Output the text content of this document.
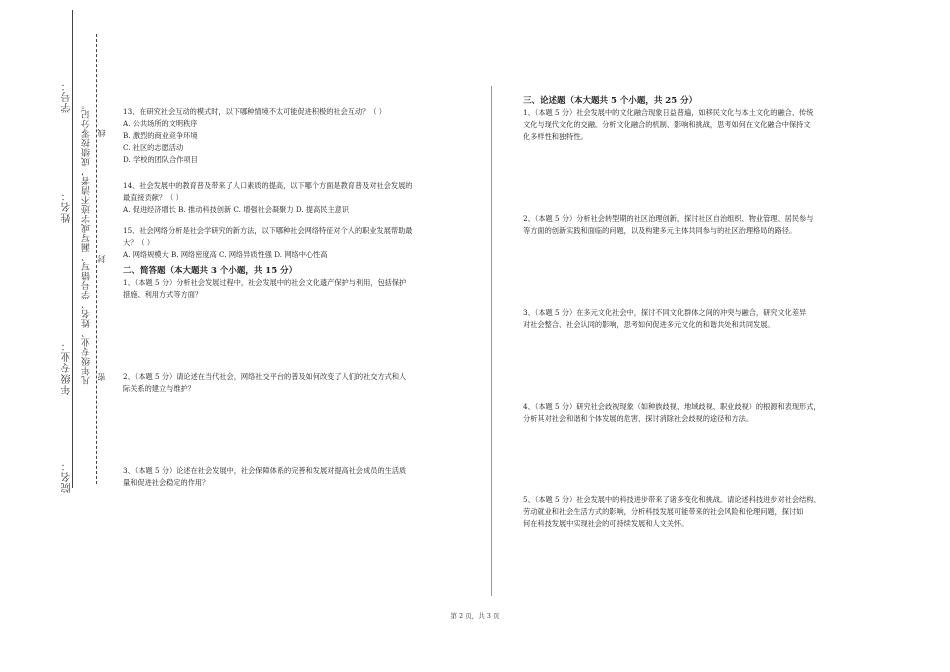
学号：
姓名：
年级专业：
院名：
凡年级专业、姓名、学号错写、漏写或字迹不清者，成绩按零分记。 密
封
线

13、在研究社会互动的模式时，以下哪种情境不太可能促进积极的社会互动？（ ）

A. 公共场所的文明秩序

B. 激烈的商业竞争环境

C. 社区的志愿活动

D. 学校的团队合作项目

14、社会发展中的教育普及带来了人口素质的提高，以下哪个方面是教育普及对社会发展的

最直接贡献？（ ）

A. 促进经济增长 B. 推动科技创新 C. 增强社会凝聚力 D. 提高民主意识

15、社会网络分析是社会学研究的新方法，以下哪种社会网络特征对个人的职业发展帮助最

大？（ ）

A. 网络规模大 B. 网络密度高 C. 网络异质性强 D. 网络中心性高

二、简答题（本大题共 3 个小题，共 15 分）

1、（本题 5 分）分析社会发展过程中，社会发展中的社会文化遗产保护与利用，包括保护

措施、利用方式等方面？

2、（本题 5 分）请论述在当代社会，网络社交平台的普及如何改变了人们的社交方式和人

际关系的建立与维护？

3、（本题 5 分）论述在社会发展中，社会保障体系的完善和发展对提高社会成员的生活质

量和促进社会稳定的作用？

三、论述题（本大题共 5 个小题，共 25 分）

1、（本题 5 分）社会发展中的文化融合现象日益普遍，如移民文化与本土文化的融合、传统

文化与现代文化的交融。分析文化融合的机制、影响和挑战，思考如何在文化融合中保持文

化多样性和独特性。

2、（本题 5 分）分析社会转型期的社区治理创新，探讨社区自治组织、物业管理、居民参与

等方面的创新实践和面临的问题，以及构建多元主体共同参与的社区治理格局的路径。

3、（本题 5 分）在多元文化社会中，探讨不同文化群体之间的冲突与融合，研究文化差异

对社会整合、社会认同的影响，思考如何促进多元文化的和谐共处和共同发展。

4、（本题 5 分）研究社会歧视现象（如种族歧视、地域歧视、职业歧视）的根源和表现形式，

分析其对社会和谐和个体发展的危害，探讨消除社会歧视的途径和方法。

5、（本题 5 分）社会发展中的科技进步带来了诸多变化和挑战。请论述科技进步对社会结构、

劳动就业和社会生活方式的影响，分析科技发展可能带来的社会风险和伦理问题，探讨如

何在科技发展中实现社会的可持续发展和人文关怀。

第 2 页，共 3 页
